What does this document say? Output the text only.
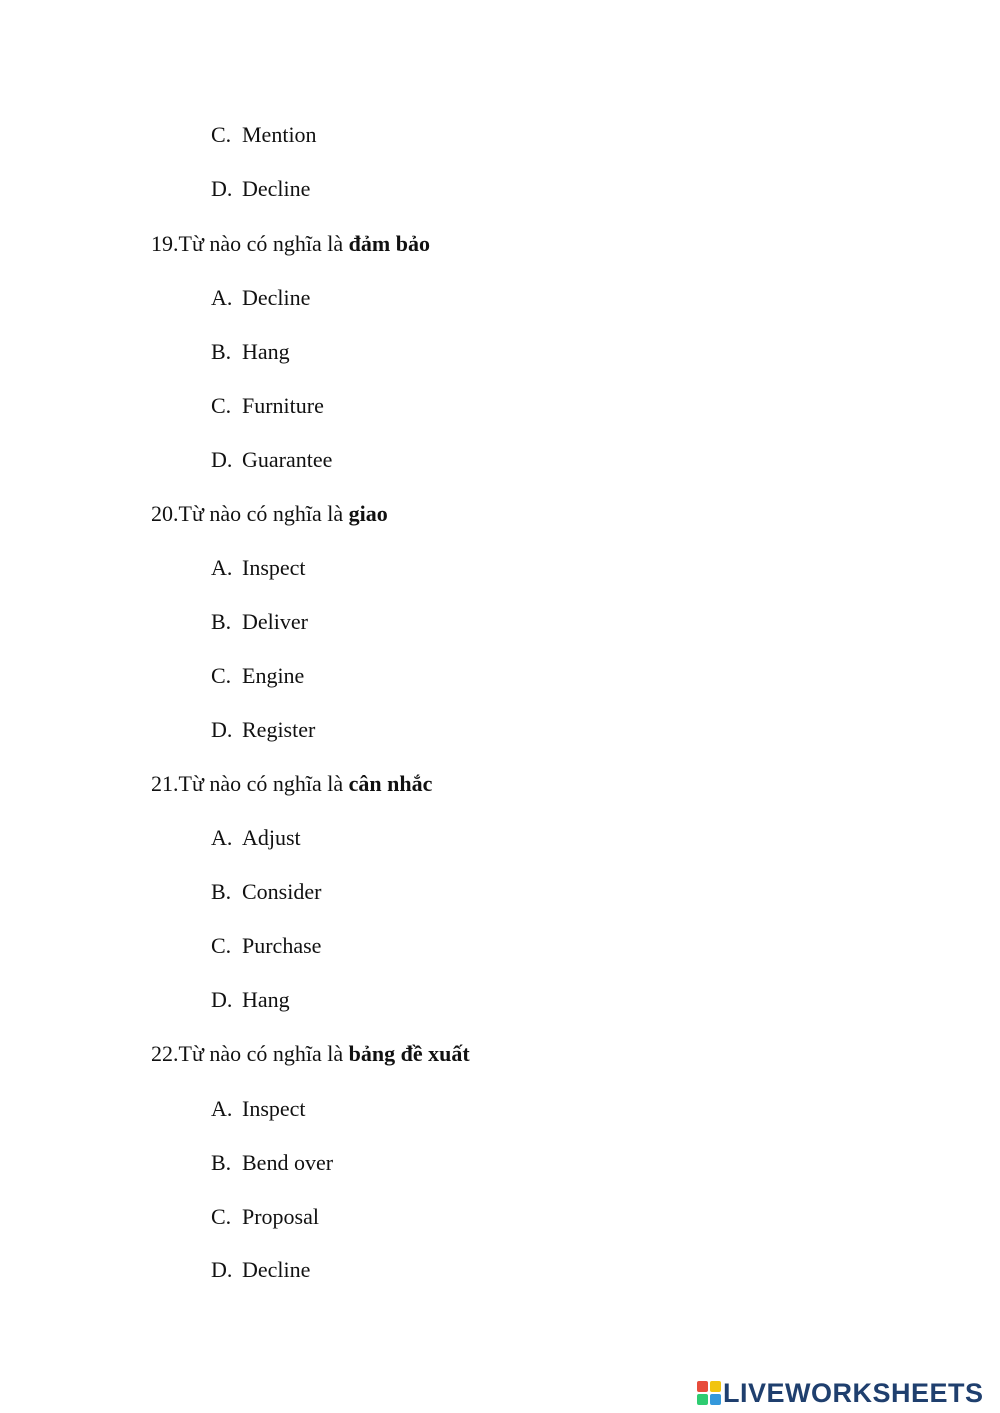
C. Mention
D. Decline
19.Từ nào có nghĩa là đảm bảo
A. Decline
B. Hang
C. Furniture
D. Guarantee
20.Từ nào có nghĩa là giao
A. Inspect
B. Deliver
C. Engine
D. Register
21.Từ nào có nghĩa là cân nhắc
A. Adjust
B. Consider
C. Purchase
D. Hang
22.Từ nào có nghĩa là bảng đề xuất
A. Inspect
B. Bend over
C. Proposal
D. Decline
LIVEWORKSHEETS
